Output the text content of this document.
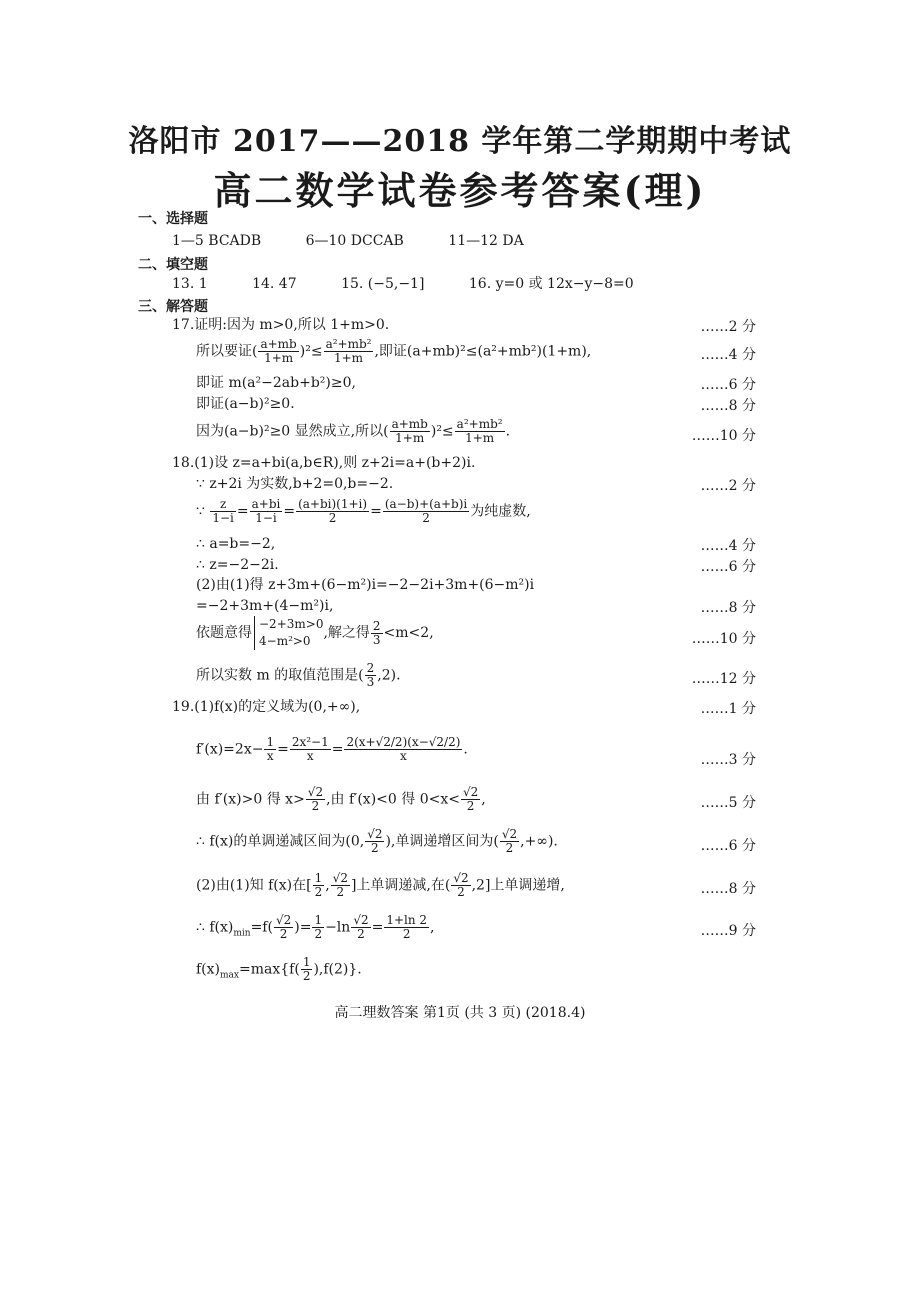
洛阳市 2017——2018 学年第二学期期中考试
高二数学试卷参考答案(理)
一、选择题
1—5 BCADB	6—10 DCCAB	11—12 DA
二、填空题
13. 1	14. 47	15. (−5,−1]	16. y=0 或 12x−y−8=0
三、解答题
17.证明:因为 m>0,所以 1+m>0.	……2 分
所以要证( $\frac{a+mb}{1+m} )^2\le \frac{\text{a²+mb²}}{1+m}$ ,即证(a+mb)²≤(a²+mb²)(1+m),	……4 分
即证 m(a²−2ab+b²)≥0,	……6 分
即证(a−b)²≥0.	……8 分
因为(a−b)²≥0 显然成立,所以( $\frac{a+mb}{1+m} )^2\le \frac{\text{a²+mb²}}{1+m}$ .	……10 分
18.(1)设 z=a+bi(a,b∈R),则 z+2i=a+(b+2)i.
∵ z+2i 为实数,b+2=0,b=−2.	……2 分
∵ $\frac{z}{1-i} = \frac{a+bi}{1-i} = \frac{(a+bi)(1+i)}{2} = \frac{(a-b)+(a+b)i}{2}$ 为纯虚数,
∴ a=b=−2,	……4 分
∴ z=−2−2i.	……6 分
(2)由(1)得 z+3m+(6−m²)i=−2−2i+3m+(6−m²)i
=−2+3m+(4−m²)i,	……8 分
依题意得
−2+3m>0
4−m²>0 ,解之得 $\frac{2}{3} <m<2$,	……10 分
所以实数 m 的取值范围是( $\frac{2}{3} ,2$).	……12 分
19.(1)f(x)的定义域为(0,+∞),	……1 分
$f'(x)=2x- \frac{1}{x} = \frac{\text{2x²−1}}{x} = \frac{2(x+√2/2)(x-√2/2)}{x}$ .
……3 分
由 f′(x)>0 得 $x> \frac{√2}{2}$ ,由 f′(x)<0 得 $0<x< \frac{√2}{2}$ ,	……5 分
∴ f(x)的单调递减区间为(0, $\frac{√2}{2}$ ),单调递增区间为( $\frac{√2}{2}$ ,+∞).	……6 分
(2)由(1)知 f(x)在[ $\frac{1}{2}$ , $\frac{√2}{2}$ ]上单调递减,在( $\frac{√2}{2} ,2$]上单调递增,	……8 分
∴ $f(x)_{min}=f( \frac{√2}{2}$ )= $\frac{1}{2} -\ln \frac{√2}{2} = \frac{1+\ln 2}{2}$ ,	……9 分
$f(x)_{max}=\max\{f( \frac{1}{2} ),f(2)\}$.
高二理数答案 第1页 (共 3 页) (2018.4)
